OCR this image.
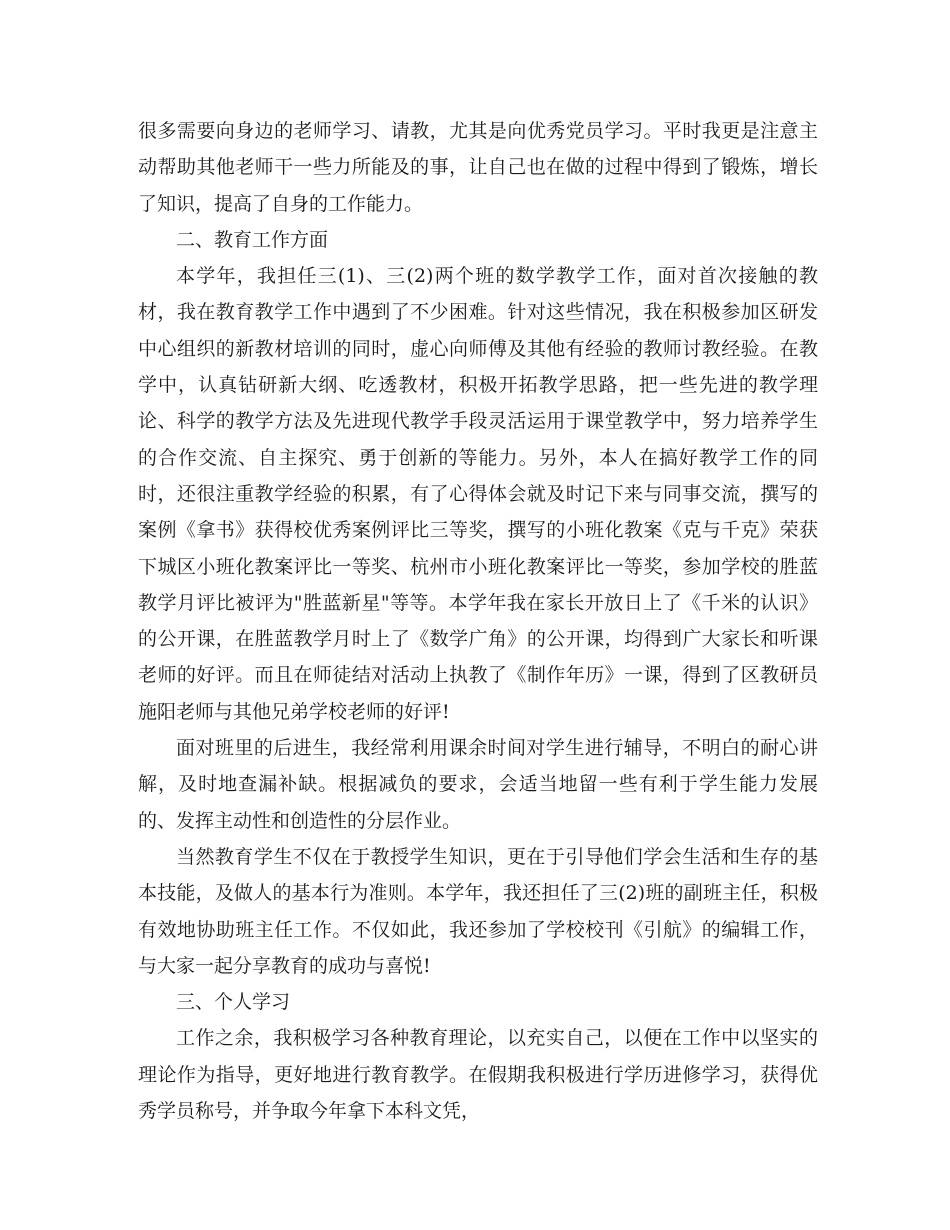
很多需要向身边的老师学习、请教，尤其是向优秀党员学习。平时我更是注意主动帮助其他老师干一些力所能及的事，让自己也在做的过程中得到了锻炼，增长了知识，提高了自身的工作能力。

二、教育工作方面

本学年，我担任三(1)、三(2)两个班的数学教学工作，面对首次接触的教材，我在教育教学工作中遇到了不少困难。针对这些情况，我在积极参加区研发中心组织的新教材培训的同时，虚心向师傅及其他有经验的教师讨教经验。在教学中，认真钻研新大纲、吃透教材，积极开拓教学思路，把一些先进的教学理论、科学的教学方法及先进现代教学手段灵活运用于课堂教学中，努力培养学生的合作交流、自主探究、勇于创新的等能力。另外，本人在搞好教学工作的同时，还很注重教学经验的积累，有了心得体会就及时记下来与同事交流，撰写的案例《拿书》获得校优秀案例评比三等奖，撰写的小班化教案《克与千克》荣获下城区小班化教案评比一等奖、杭州市小班化教案评比一等奖，参加学校的胜蓝教学月评比被评为"胜蓝新星"等等。本学年我在家长开放日上了《千米的认识》的公开课，在胜蓝教学月时上了《数学广角》的公开课，均得到广大家长和听课老师的好评。而且在师徒结对活动上执教了《制作年历》一课，得到了区教研员施阳老师与其他兄弟学校老师的好评!

面对班里的后进生，我经常利用课余时间对学生进行辅导，不明白的耐心讲解，及时地查漏补缺。根据减负的要求，会适当地留一些有利于学生能力发展的、发挥主动性和创造性的分层作业。

当然教育学生不仅在于教授学生知识，更在于引导他们学会生活和生存的基本技能，及做人的基本行为准则。本学年，我还担任了三(2)班的副班主任，积极有效地协助班主任工作。不仅如此，我还参加了学校校刊《引航》的编辑工作，与大家一起分享教育的成功与喜悦!

三、个人学习

工作之余，我积极学习各种教育理论，以充实自己，以便在工作中以坚实的理论作为指导，更好地进行教育教学。在假期我积极进行学历进修学习，获得优秀学员称号，并争取今年拿下本科文凭，
